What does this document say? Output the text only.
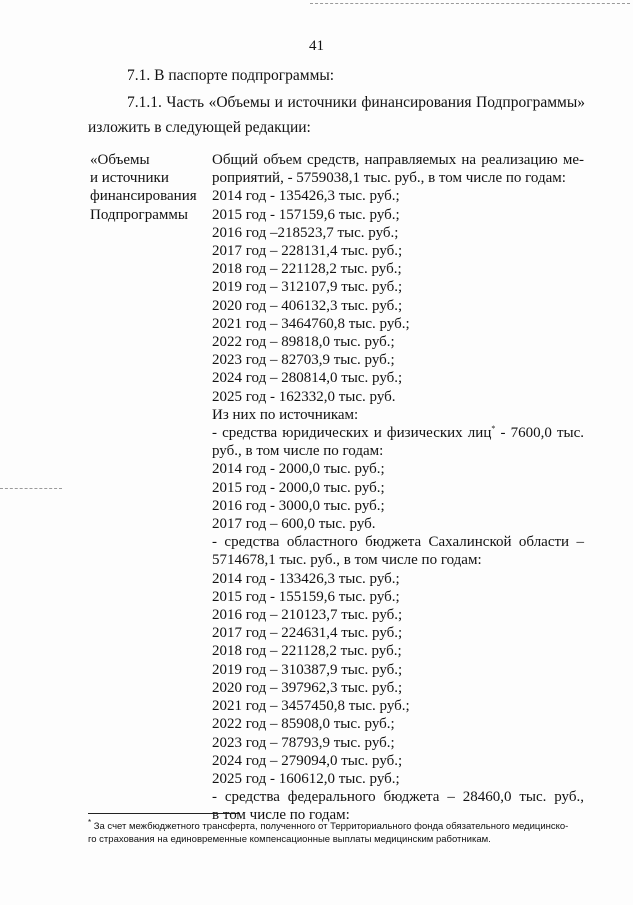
41
7.1. В паспорте подпрограммы:
7.1.1. Часть «Объемы и источники финансирования Подпрограммы»
изложить в следующей редакции:
«Объемы
и источники
финансирования
Подпрограммы
Общий объем средств, направляемых на реализацию ме-
роприятий, - 5759038,1 тыс. руб., в том числе по годам:
2014 год - 135426,3 тыс. руб.;
2015 год - 157159,6 тыс. руб.;
2016 год –218523,7 тыс. руб.;
2017 год – 228131,4 тыс. руб.;
2018 год – 221128,2 тыс. руб.;
2019 год – 312107,9 тыс. руб.;
2020 год – 406132,3 тыс. руб.;
2021 год – 3464760,8 тыс. руб.;
2022 год – 89818,0 тыс. руб.;
2023 год – 82703,9 тыс. руб.;
2024 год – 280814,0 тыс. руб.;
2025 год - 162332,0 тыс. руб.
Из них по источникам:
- средства юридических и физических лиц* - 7600,0 тыс.
руб., в том числе по годам:
2014 год - 2000,0 тыс. руб.;
2015 год - 2000,0 тыс. руб.;
2016 год - 3000,0 тыс. руб.;
2017 год – 600,0 тыс. руб.
- средства областного бюджета Сахалинской области –
5714678,1 тыс. руб., в том числе по годам:
2014 год - 133426,3 тыс. руб.;
2015 год - 155159,6 тыс. руб.;
2016 год – 210123,7 тыс. руб.;
2017 год – 224631,4 тыс. руб.;
2018 год – 221128,2 тыс. руб.;
2019 год – 310387,9 тыс. руб.;
2020 год – 397962,3 тыс. руб.;
2021 год – 3457450,8 тыс. руб.;
2022 год – 85908,0 тыс. руб.;
2023 год – 78793,9 тыс. руб.;
2024 год – 279094,0 тыс. руб.;
2025 год - 160612,0 тыс. руб.;
- средства федерального бюджета – 28460,0 тыс. руб.,
в том числе по годам:
* За счет межбюджетного трансферта, полученного от Территориального фонда обязательного медицинско-
го страхования на единовременные компенсационные выплаты медицинским работникам.
